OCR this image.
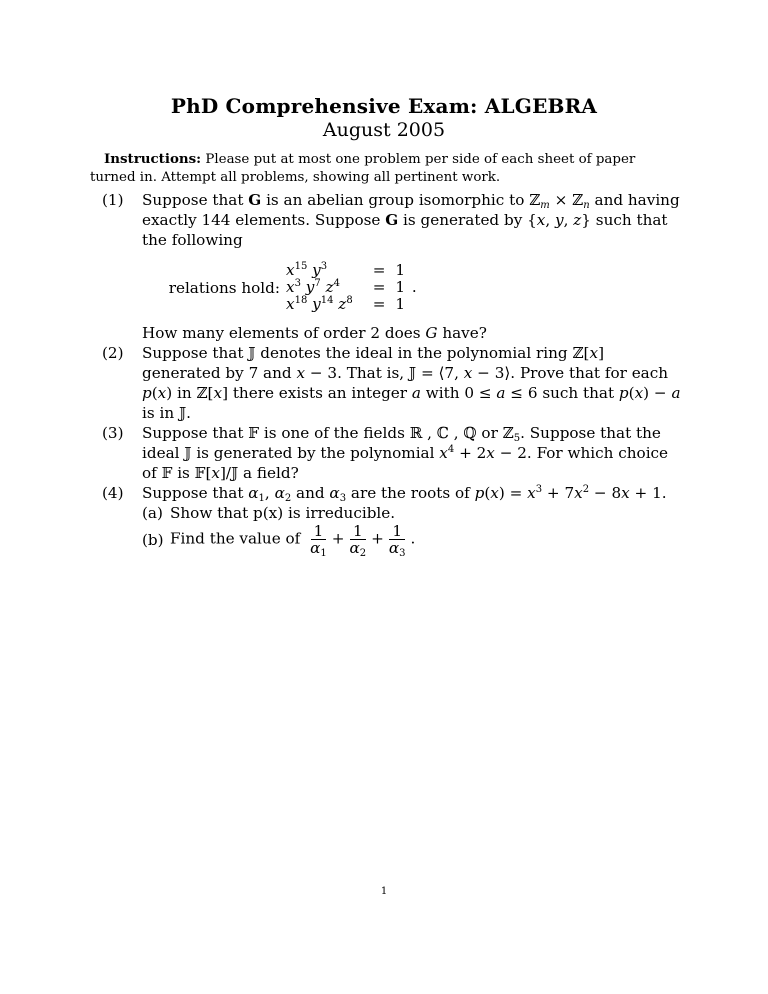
PhD Comprehensive Exam: ALGEBRA
August 2005
Instructions: Please put at most one problem per side of each sheet of paper turned in. Attempt all problems, showing all pertinent work.
(1)	Suppose that G is an abelian group isomorphic to ℤ$_m$ × ℤ$_n$ and having exactly 144 elements. Suppose G is generated by {x, y, z} such that the following
relations hold:
$x^{15}$ $y^3$	=	1
$x^3$ $y^7$ $z^4$	=	1 .
$x^{18}$ $y^{14}$ $z^8$	=	1
How many elements of order 2 does G have?
(2)	Suppose that 𝕁 denotes the ideal in the polynomial ring ℤ[x] generated by 7 and x − 3. That is, 𝕁 = ⟨7, x − 3⟩. Prove that for each p(x) in ℤ[x] there exists an integer a with 0 ≤ a ≤ 6 such that p(x) − a is in 𝕁.
(3)	Suppose that 𝔽 is one of the fields ℝ , ℂ , ℚ or ℤ$_5$. Suppose that the ideal 𝕁 is generated by the polynomial $x^4 + 2x - 2$. For which choice of 𝔽 is 𝔽[x]/𝕁 a field?
(4)	Suppose that $\alpha_1$, $\alpha_2$ and $\alpha_3$ are the roots of $p(x) = x^3 + 7x^2 - 8x + 1$.
(a) Show that p(x) is irreducible.
(b) Find the value of $\frac{1}{\alpha_1} + \frac{1}{\alpha_2} + \frac{1}{\alpha_3}$ .
1
